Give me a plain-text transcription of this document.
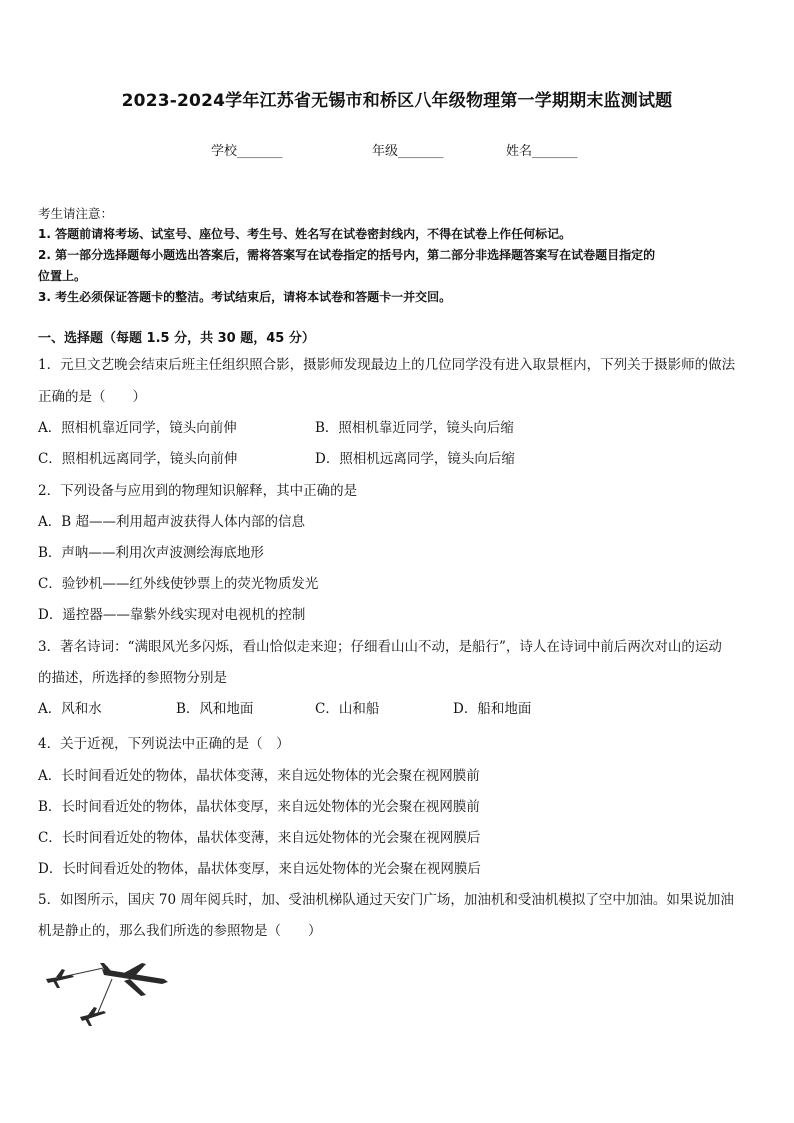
2023-2024学年江苏省无锡市和桥区八年级物理第一学期期末监测试题
学校_______	年级_______	姓名_______
考生请注意：
1. 答题前请将考场、试室号、座位号、考生号、姓名写在试卷密封线内，不得在试卷上作任何标记。
2. 第一部分选择题每小题选出答案后，需将答案写在试卷指定的括号内，第二部分非选择题答案写在试卷题目指定的
位置上。
3. 考生必须保证答题卡的整洁。考试结束后，请将本试卷和答题卡一并交回。
一、选择题（每题 1.5 分，共 30 题，45 分）
1．元旦文艺晚会结束后班主任组织照合影，摄影师发现最边上的几位同学没有进入取景框内，下列关于摄影师的做法
正确的是（　　）
A．照相机靠近同学，镜头向前伸	B．照相机靠近同学，镜头向后缩
C．照相机远离同学，镜头向前伸	D．照相机远离同学，镜头向后缩
2．下列设备与应用到的物理知识解释，其中正确的是
A．B 超——利用超声波获得人体内部的信息
B．声呐——利用次声波测绘海底地形
C．验钞机——红外线使钞票上的荧光物质发光
D．遥控器——靠紫外线实现对电视机的控制
3．著名诗词：“满眼风光多闪烁，看山恰似走来迎；仔细看山山不动，是船行”，诗人在诗词中前后两次对山的运动
的描述，所选择的参照物分别是
A．风和水	B．风和地面	C．山和船	D．船和地面
4．关于近视，下列说法中正确的是（　）
A．长时间看近处的物体，晶状体变薄，来自远处物体的光会聚在视网膜前
B．长时间看近处的物体，晶状体变厚，来自远处物体的光会聚在视网膜前
C．长时间看近处的物体，晶状体变薄，来自远处物体的光会聚在视网膜后
D．长时间看近处的物体，晶状体变厚，来自远处物体的光会聚在视网膜后
5．如图所示，国庆 70 周年阅兵时，加、受油机梯队通过天安门广场，加油机和受油机模拟了空中加油。如果说加油
机是静止的，那么我们所选的参照物是（　　）
